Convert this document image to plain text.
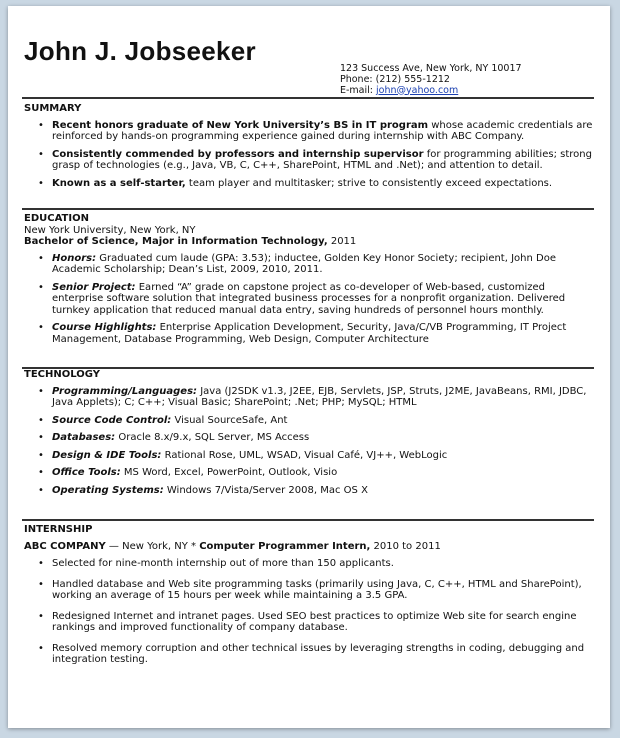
John J. Jobseeker
123 Success Ave, New York, NY 10017
Phone: (212) 555-1212
E-mail: john@yahoo.com
SUMMARY
• Recent honors graduate of New York University’s BS in IT program whose academic credentials are reinforced by hands-on programming experience gained during internship with ABC Company.
• Consistently commended by professors and internship supervisor for programming abilities; strong grasp of technologies (e.g., Java, VB, C, C++, SharePoint, HTML and .Net); and attention to detail.
• Known as a self-starter, team player and multitasker; strive to consistently exceed expectations.
EDUCATION
New York University, New York, NY
Bachelor of Science, Major in Information Technology, 2011
• Honors: Graduated cum laude (GPA: 3.53); inductee, Golden Key Honor Society; recipient, John Doe Academic Scholarship; Dean’s List, 2009, 2010, 2011.
• Senior Project: Earned “A” grade on capstone project as co-developer of Web-based, customized enterprise software solution that integrated business processes for a nonprofit organization. Delivered turnkey application that reduced manual data entry, saving hundreds of personnel hours monthly.
• Course Highlights: Enterprise Application Development, Security, Java/C/VB Programming, IT Project Management, Database Programming, Web Design, Computer Architecture
TECHNOLOGY
• Programming/Languages: Java (J2SDK v1.3, J2EE, EJB, Servlets, JSP, Struts, J2ME, JavaBeans, RMI, JDBC, Java Applets); C; C++; Visual Basic; SharePoint; .Net; PHP; MySQL; HTML
• Source Code Control: Visual SourceSafe, Ant
• Databases: Oracle 8.x/9.x, SQL Server, MS Access
• Design & IDE Tools: Rational Rose, UML, WSAD, Visual Café, VJ++, WebLogic
• Office Tools: MS Word, Excel, PowerPoint, Outlook, Visio
• Operating Systems: Windows 7/Vista/Server 2008, Mac OS X
INTERNSHIP
ABC COMPANY — New York, NY * Computer Programmer Intern, 2010 to 2011
• Selected for nine-month internship out of more than 150 applicants.
• Handled database and Web site programming tasks (primarily using Java, C, C++, HTML and SharePoint), working an average of 15 hours per week while maintaining a 3.5 GPA.
• Redesigned Internet and intranet pages. Used SEO best practices to optimize Web site for search engine rankings and improved functionality of company database.
• Resolved memory corruption and other technical issues by leveraging strengths in coding, debugging and integration testing.
